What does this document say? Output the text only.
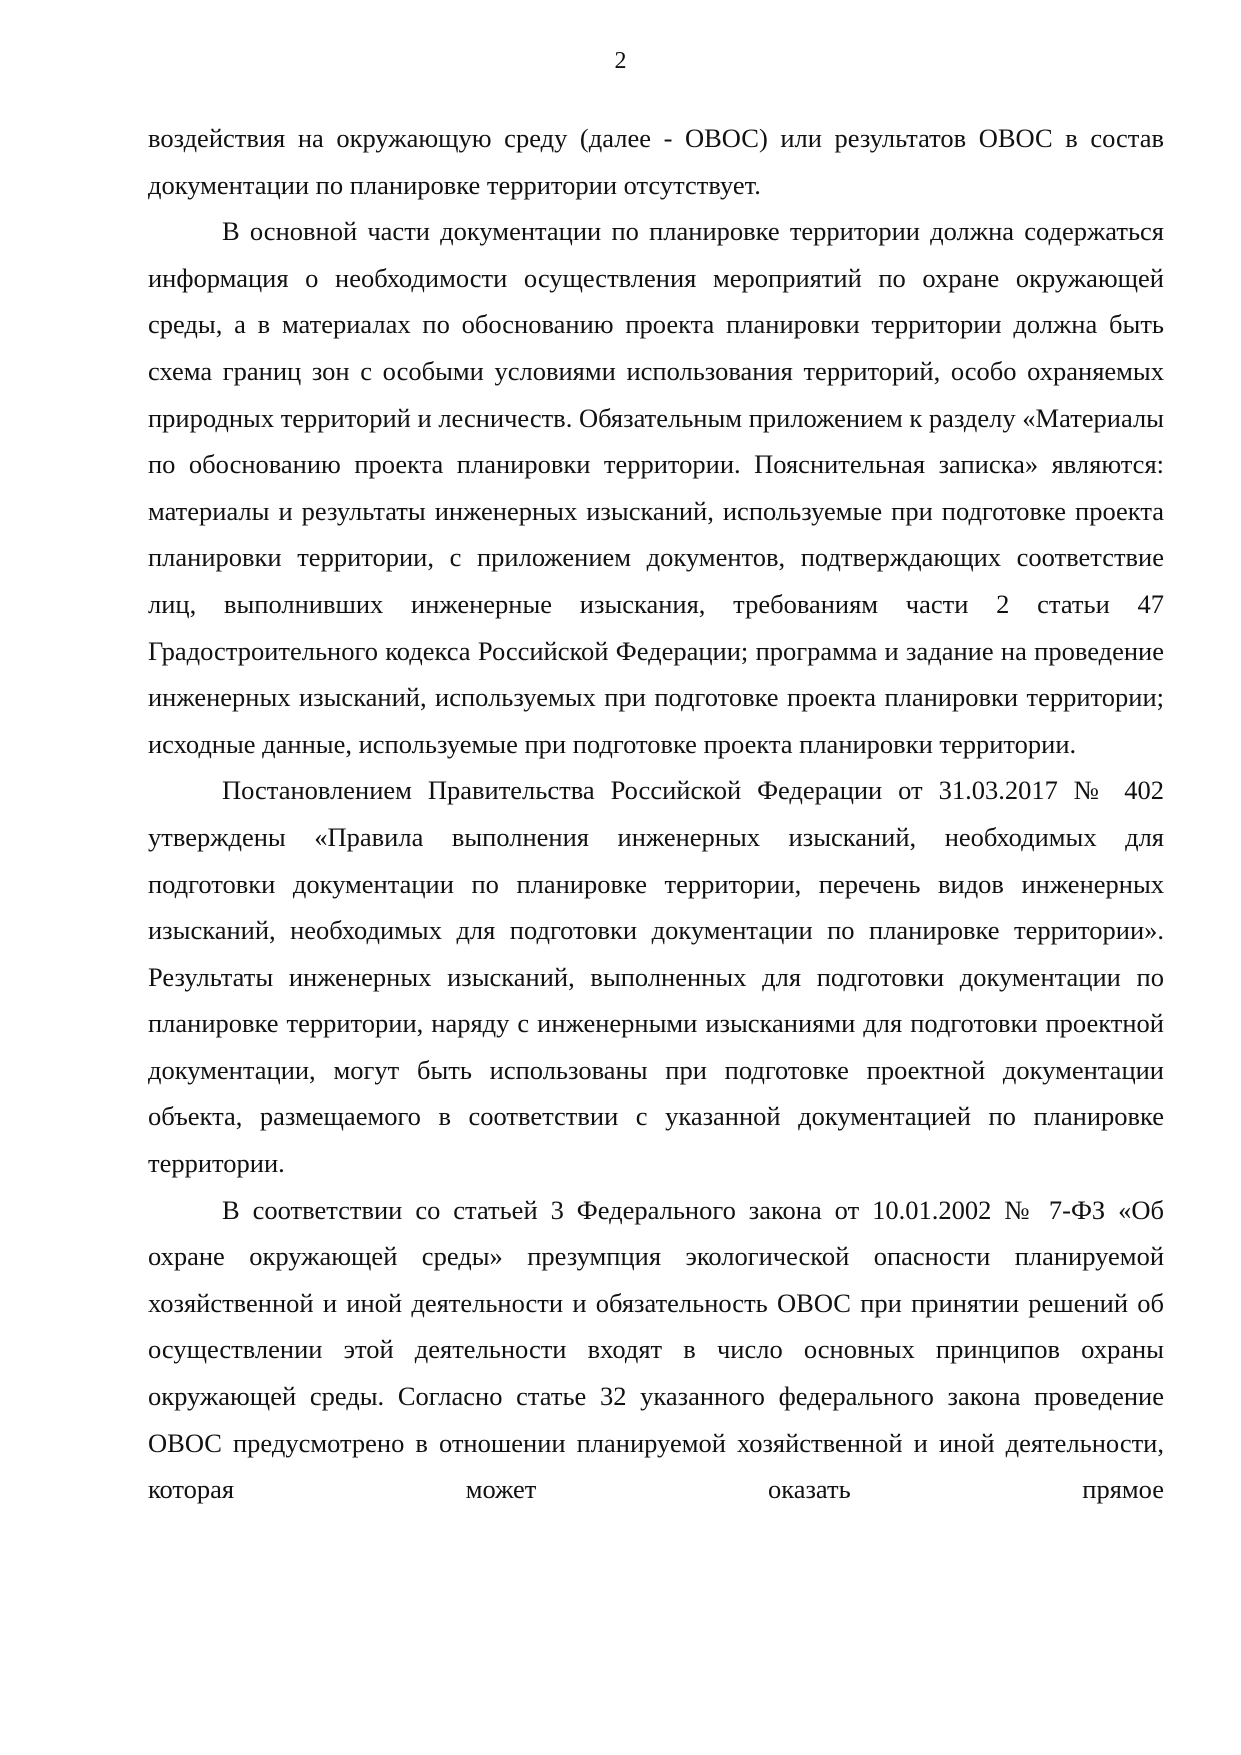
2

воздействия на окружающую среду (далее - ОВОС) или результатов ОВОС в состав документации по планировке территории отсутствует.

В основной части документации по планировке территории должна содержаться информация о необходимости осуществления мероприятий по охране окружающей среды, а в материалах по обоснованию проекта планировки территории должна быть схема границ зон с особыми условиями использования территорий, особо охраняемых природных территорий и лесничеств. Обязательным приложением к разделу «Материалы по обоснованию проекта планировки территории. Пояснительная записка» являются: материалы и результаты инженерных изысканий, используемые при подготовке проекта планировки территории, с приложением документов, подтверждающих соответствие лиц, выполнивших инженерные изыскания, требованиям части 2 статьи 47 Градостроительного кодекса Российской Федерации; программа и задание на проведение инженерных изысканий, используемых при подготовке проекта планировки территории; исходные данные, используемые при подготовке проекта планировки территории.

Постановлением Правительства Российской Федерации от 31.03.2017 № 402 утверждены «Правила выполнения инженерных изысканий, необходимых для подготовки документации по планировке территории, перечень видов инженерных изысканий, необходимых для подготовки документации по планировке территории». Результаты инженерных изысканий, выполненных для подготовки документации по планировке территории, наряду с инженерными изысканиями для подготовки проектной документации, могут быть использованы при подготовке проектной документации объекта, размещаемого в соответствии с указанной документацией по планировке территории.

В соответствии со статьей 3 Федерального закона от 10.01.2002 № 7-ФЗ «Об охране окружающей среды» презумпция экологической опасности планируемой хозяйственной и иной деятельности и обязательность ОВОС при принятии решений об осуществлении этой деятельности входят в число основных принципов охраны окружающей среды. Согласно статье 32 указанного федерального закона проведение ОВОС предусмотрено в отношении планируемой хозяйственной и иной деятельности, которая может оказать прямое
